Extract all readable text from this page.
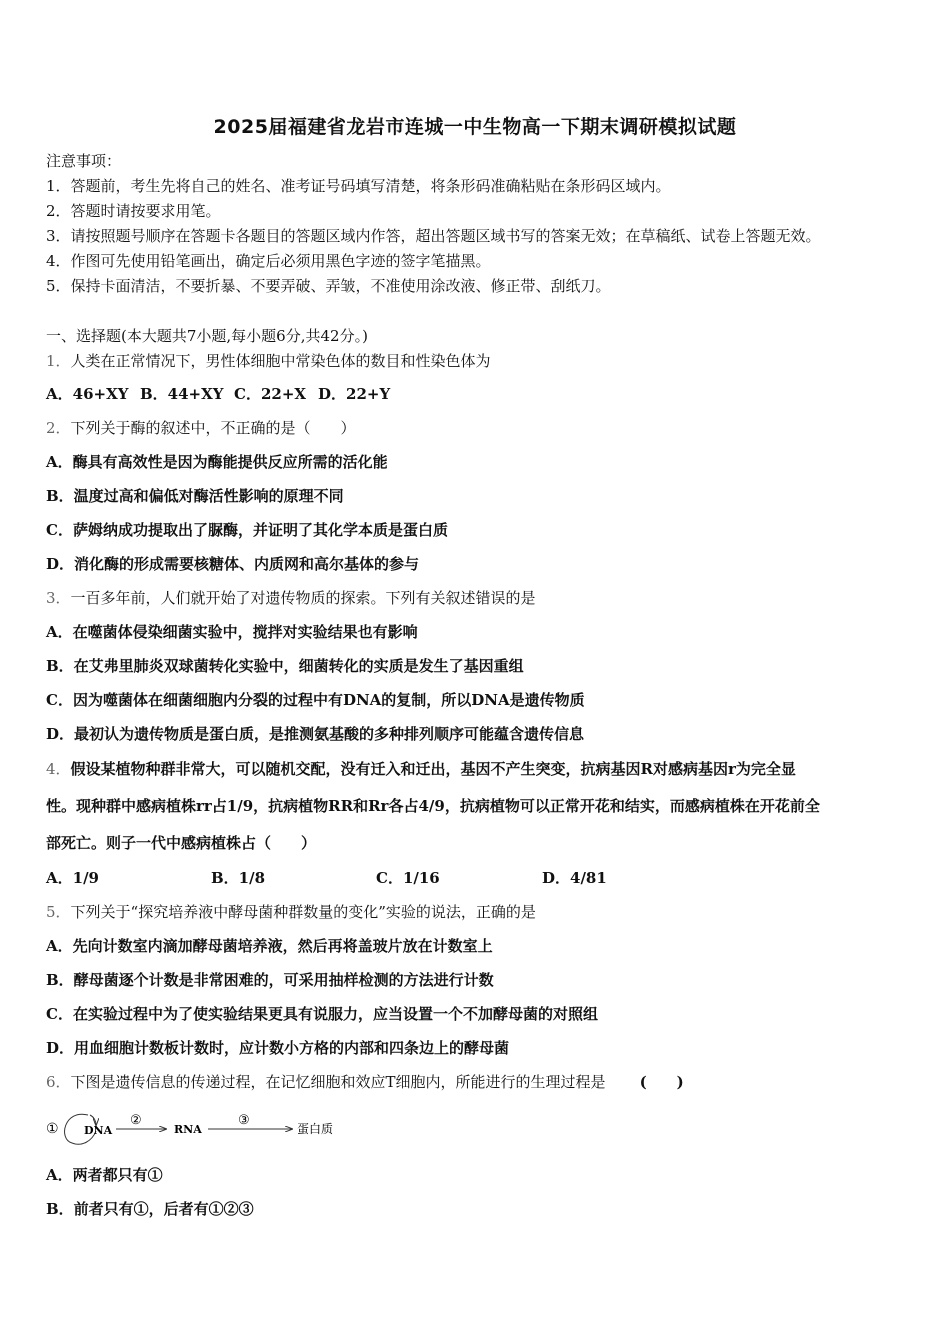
2025届福建省龙岩市连城一中生物高一下期末调研模拟试题
注意事项：
1．答题前，考生先将自己的姓名、准考证号码填写清楚，将条形码准确粘贴在条形码区域内。
2．答题时请按要求用笔。
3．请按照题号顺序在答题卡各题目的答题区域内作答，超出答题区域书写的答案无效；在草稿纸、试卷上答题无效。
4．作图可先使用铅笔画出，确定后必须用黑色字迹的签字笔描黑。
5．保持卡面清洁，不要折暴、不要弄破、弄皱，不准使用涂改液、修正带、刮纸刀。
一、选择题(本大题共7小题,每小题6分,共42分。)
1．人类在正常情况下，男性体细胞中常染色体的数目和性染色体为
A．46+XY B．44+XY C．22+X D．22+Y
2．下列关于酶的叙述中，不正确的是（　　）
A．酶具有高效性是因为酶能提供反应所需的活化能
B．温度过高和偏低对酶活性影响的原理不同
C．萨姆纳成功提取出了脲酶，并证明了其化学本质是蛋白质
D．消化酶的形成需要核糖体、内质网和高尔基体的参与
3．一百多年前，人们就开始了对遗传物质的探索。下列有关叙述错误的是
A．在噬菌体侵染细菌实验中，搅拌对实验结果也有影响
B．在艾弗里肺炎双球菌转化实验中，细菌转化的实质是发生了基因重组
C．因为噬菌体在细菌细胞内分裂的过程中有DNA的复制，所以DNA是遗传物质
D．最初认为遗传物质是蛋白质，是推测氨基酸的多种排列顺序可能蕴含遗传信息
4．假设某植物种群非常大，可以随机交配，没有迁入和迁出，基因不产生突变，抗病基因R对感病基因r为完全显
性。现种群中感病植株rr占1/9，抗病植物RR和Rr各占4/9，抗病植物可以正常开花和结实，而感病植株在开花前全
部死亡。则子一代中感病植株占（　　）
A．1/9	B．1/8	C．1/16	D．4/81
5．下列关于“探究培养液中酵母菌种群数量的变化”实验的说法，正确的是
A．先向计数室内滴加酵母菌培养液，然后再将盖玻片放在计数室上
B．酵母菌逐个计数是非常困难的，可采用抽样检测的方法进行计数
C．在实验过程中为了使实验结果更具有说服力，应当设置一个不加酵母菌的对照组
D．用血细胞计数板计数时，应计数小方格的内部和四条边上的酵母菌
6．下图是遗传信息的传递过程，在记忆细胞和效应T细胞内，所能进行的生理过程是 (　　)
① DNA
②
RNA
③
蛋白质
A．两者都只有①
B．前者只有①，后者有①②③
